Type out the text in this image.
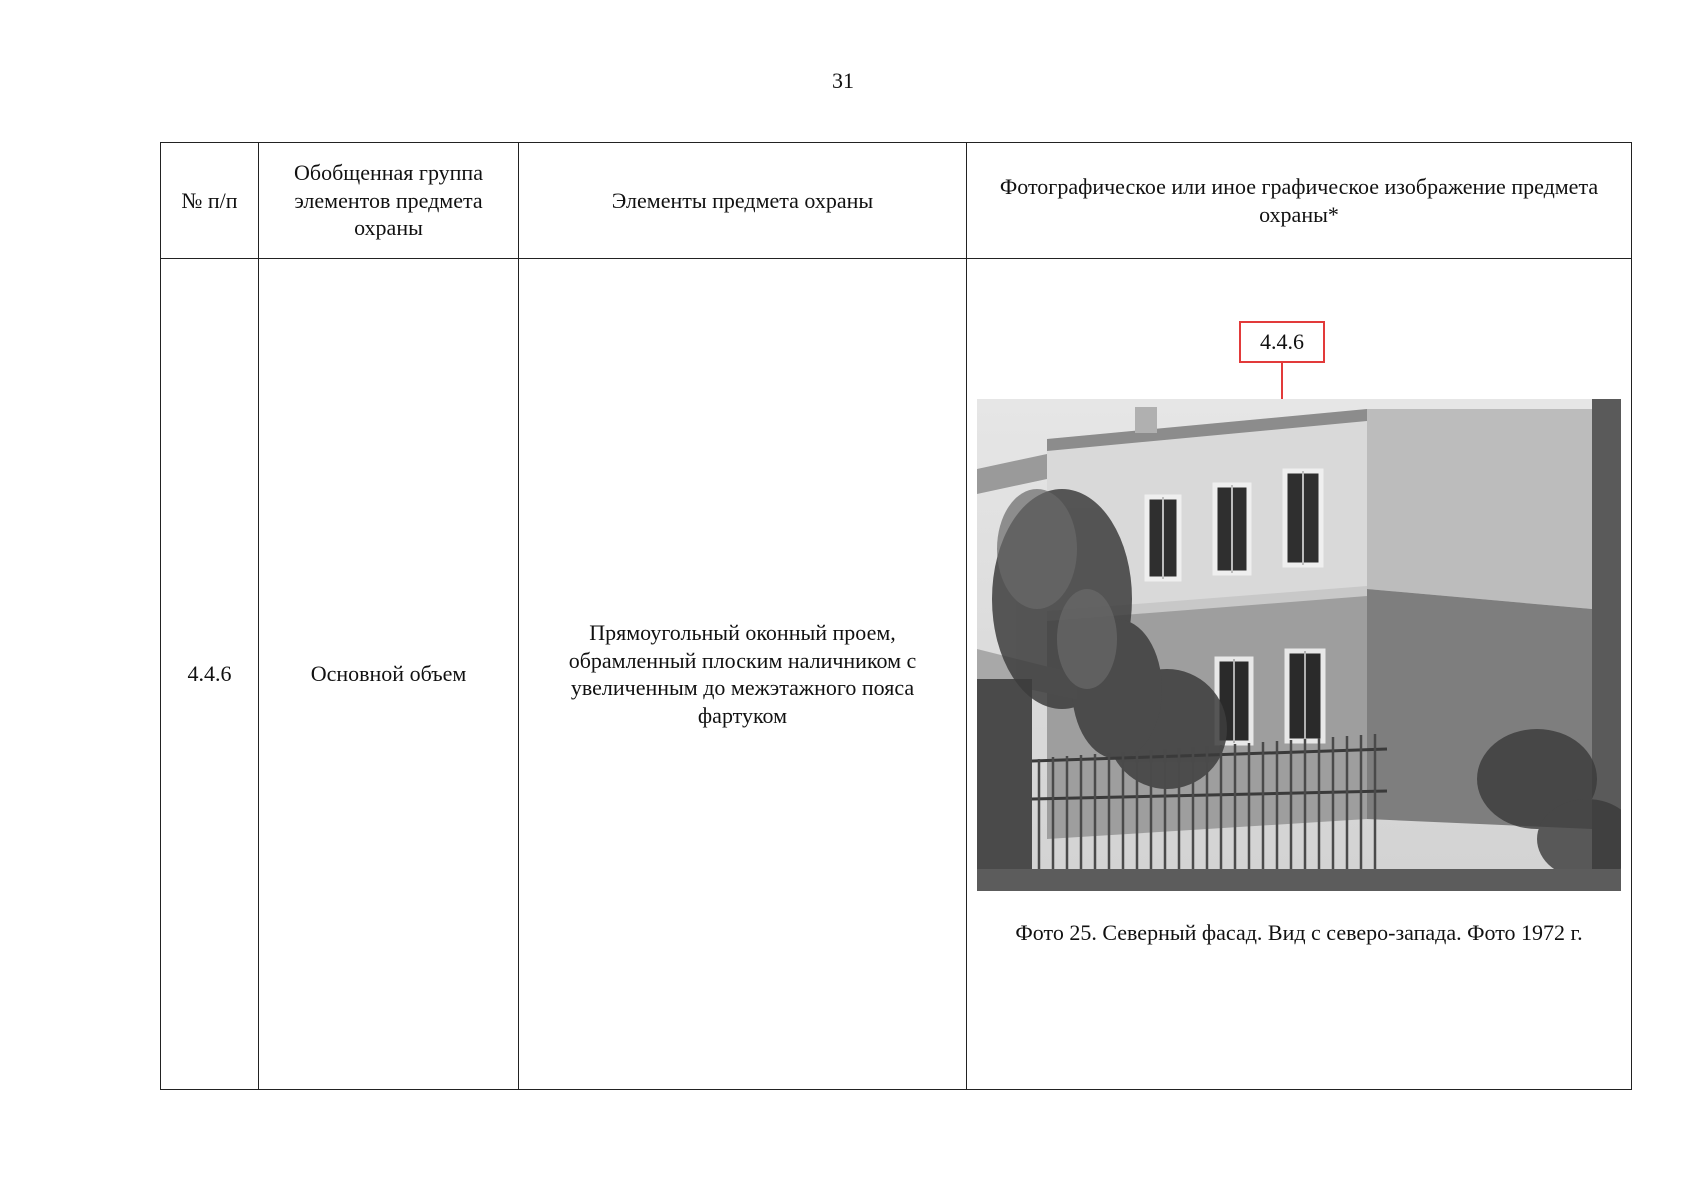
31
№ п/п	Обобщенная группа элементов предмета охраны	Элементы предмета охраны	Фотографическое или иное графическое изображение предмета охраны*
4.4.6	Основной объем	Прямоугольный оконный проем, обрамленный плоским наличником с увеличенным до межэтажного пояса фартуком	4.4.6
Фото 25. Северный фасад. Вид с северо-запада. Фото 1972 г.
